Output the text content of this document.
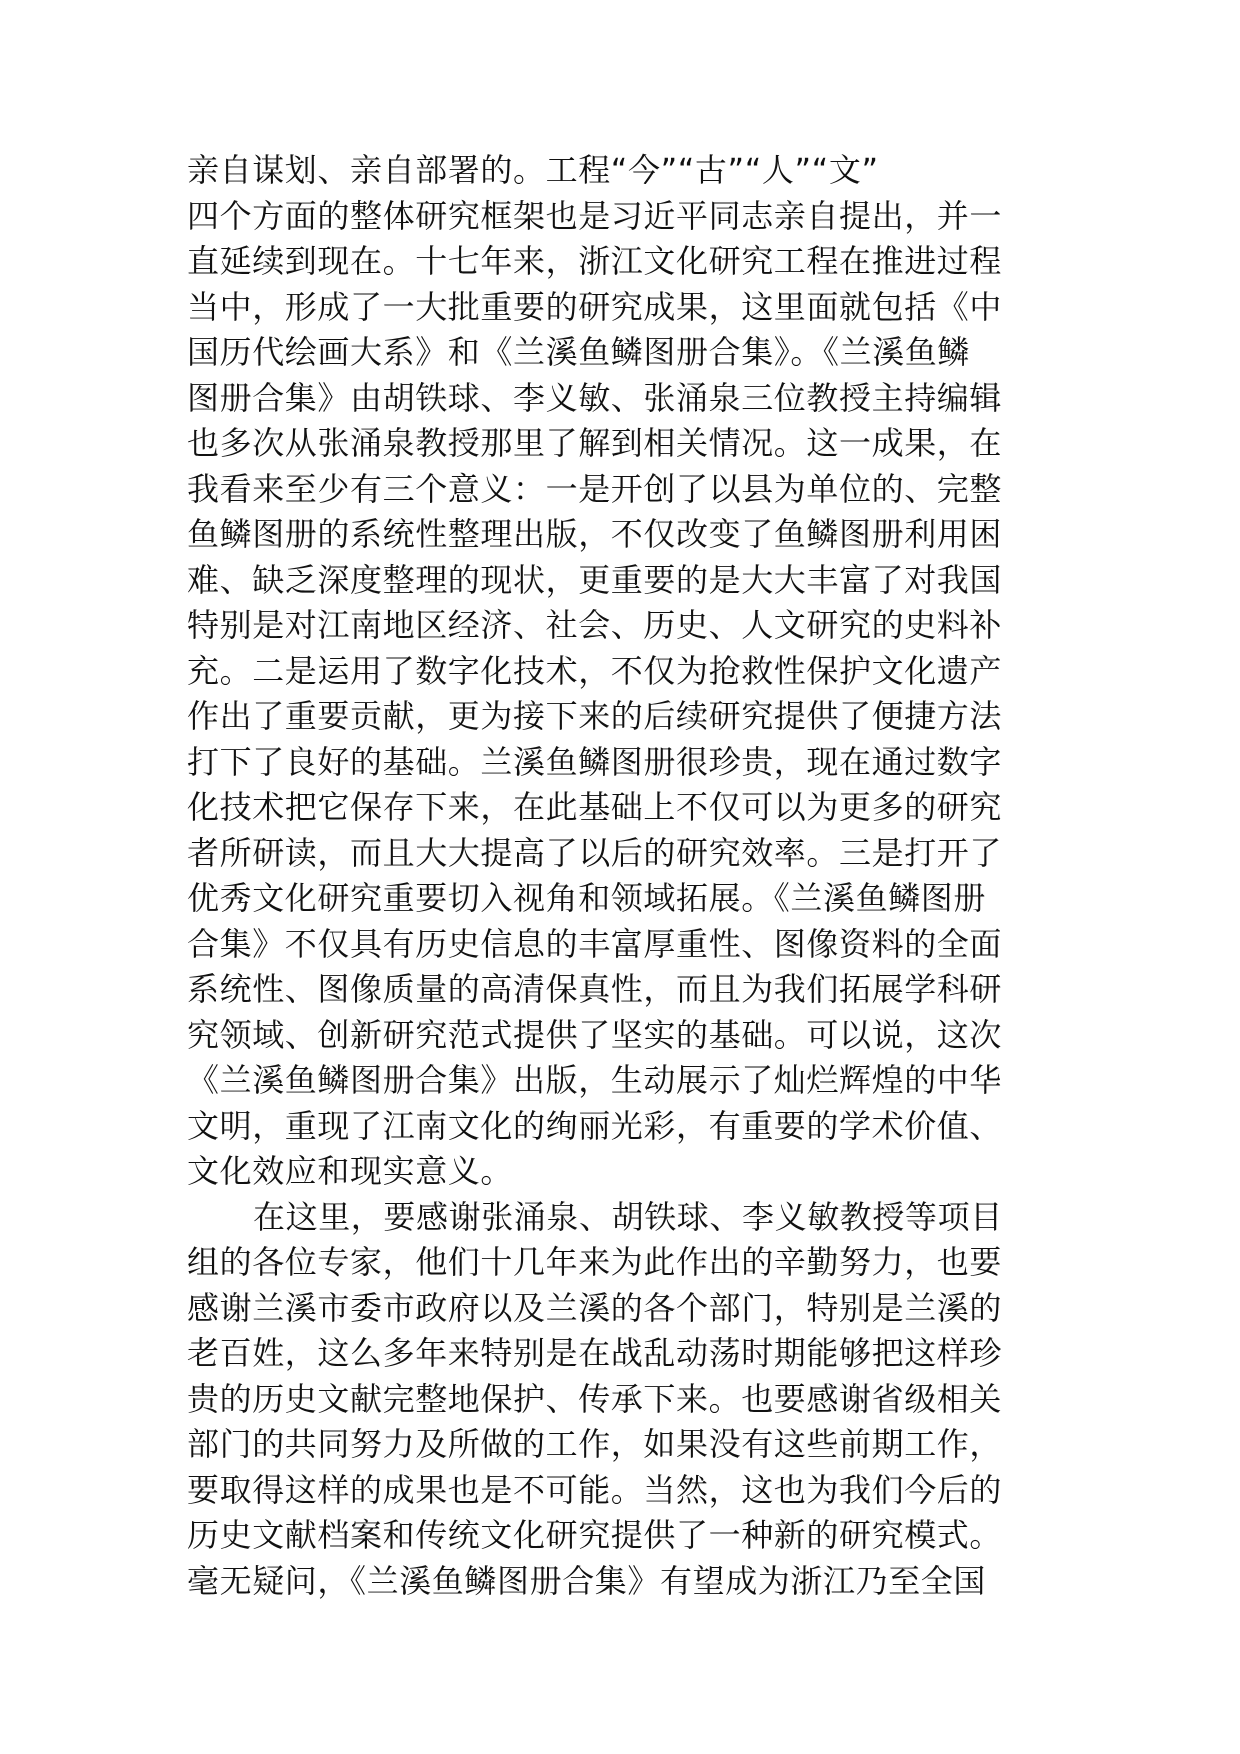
亲自谋划、亲自部署的。工程“今”“古”“人”“文”
四个方面的整体研究框架也是习近平同志亲自提出，并一
直延续到现在。十七年来，浙江文化研究工程在推进过程
当中，形成了一大批重要的研究成果，这里面就包括《中
国历代绘画大系》和《兰溪鱼鳞图册合集》。《兰溪鱼鳞
图册合集》由胡铁球、李义敏、张涌泉三位教授主持编辑
也多次从张涌泉教授那里了解到相关情况。这一成果，在
我看来至少有三个意义：一是开创了以县为单位的、完整
鱼鳞图册的系统性整理出版，不仅改变了鱼鳞图册利用困
难、缺乏深度整理的现状，更重要的是大大丰富了对我国
特别是对江南地区经济、社会、历史、人文研究的史料补
充。二是运用了数字化技术，不仅为抢救性保护文化遗产
作出了重要贡献，更为接下来的后续研究提供了便捷方法
打下了良好的基础。兰溪鱼鳞图册很珍贵，现在通过数字
化技术把它保存下来，在此基础上不仅可以为更多的研究
者所研读，而且大大提高了以后的研究效率。三是打开了
优秀文化研究重要切入视角和领域拓展。《兰溪鱼鳞图册
合集》不仅具有历史信息的丰富厚重性、图像资料的全面
系统性、图像质量的高清保真性，而且为我们拓展学科研
究领域、创新研究范式提供了坚实的基础。可以说，这次
《兰溪鱼鳞图册合集》出版，生动展示了灿烂辉煌的中华
文明，重现了江南文化的绚丽光彩，有重要的学术价值、
文化效应和现实意义。
在这里，要感谢张涌泉、胡铁球、李义敏教授等项目
组的各位专家，他们十几年来为此作出的辛勤努力，也要
感谢兰溪市委市政府以及兰溪的各个部门，特别是兰溪的
老百姓，这么多年来特别是在战乱动荡时期能够把这样珍
贵的历史文献完整地保护、传承下来。也要感谢省级相关
部门的共同努力及所做的工作，如果没有这些前期工作，
要取得这样的成果也是不可能。当然，这也为我们今后的
历史文献档案和传统文化研究提供了一种新的研究模式。
毫无疑问，《兰溪鱼鳞图册合集》有望成为浙江乃至全国
